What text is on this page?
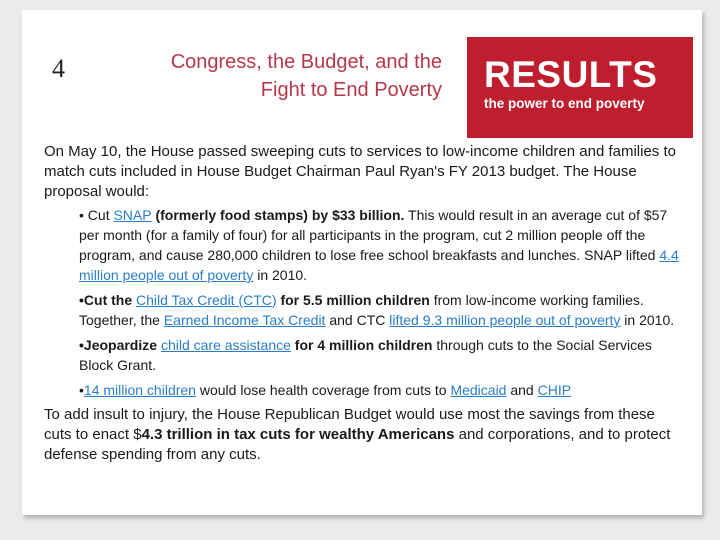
4	Congress, the Budget, and the
Fight to End Poverty RESULTS
the power to end poverty

On May 10, the House passed sweeping cuts to services to low-income children and families to match cuts included in House Budget Chairman Paul Ryan's FY 2013 budget. The House proposal would:

• Cut SNAP (formerly food stamps) by $33 billion. This would result in an average cut of $57 per month (for a family of four) for all participants in the program, cut 2 million people off the program, and cause 280,000 children to lose free school breakfasts and lunches. SNAP lifted 4.4 million people out of poverty in 2010.

•Cut the Child Tax Credit (CTC) for 5.5 million children from low-income working families. Together, the Earned Income Tax Credit and CTC lifted 9.3 million people out of poverty in 2010.

•Jeopardize child care assistance for 4 million children through cuts to the Social Services Block Grant.

•14 million children would lose health coverage from cuts to Medicaid and CHIP

To add insult to injury, the House Republican Budget would use most the savings from these cuts to enact $4.3 trillion in tax cuts for wealthy Americans and corporations, and to protect defense spending from any cuts.
